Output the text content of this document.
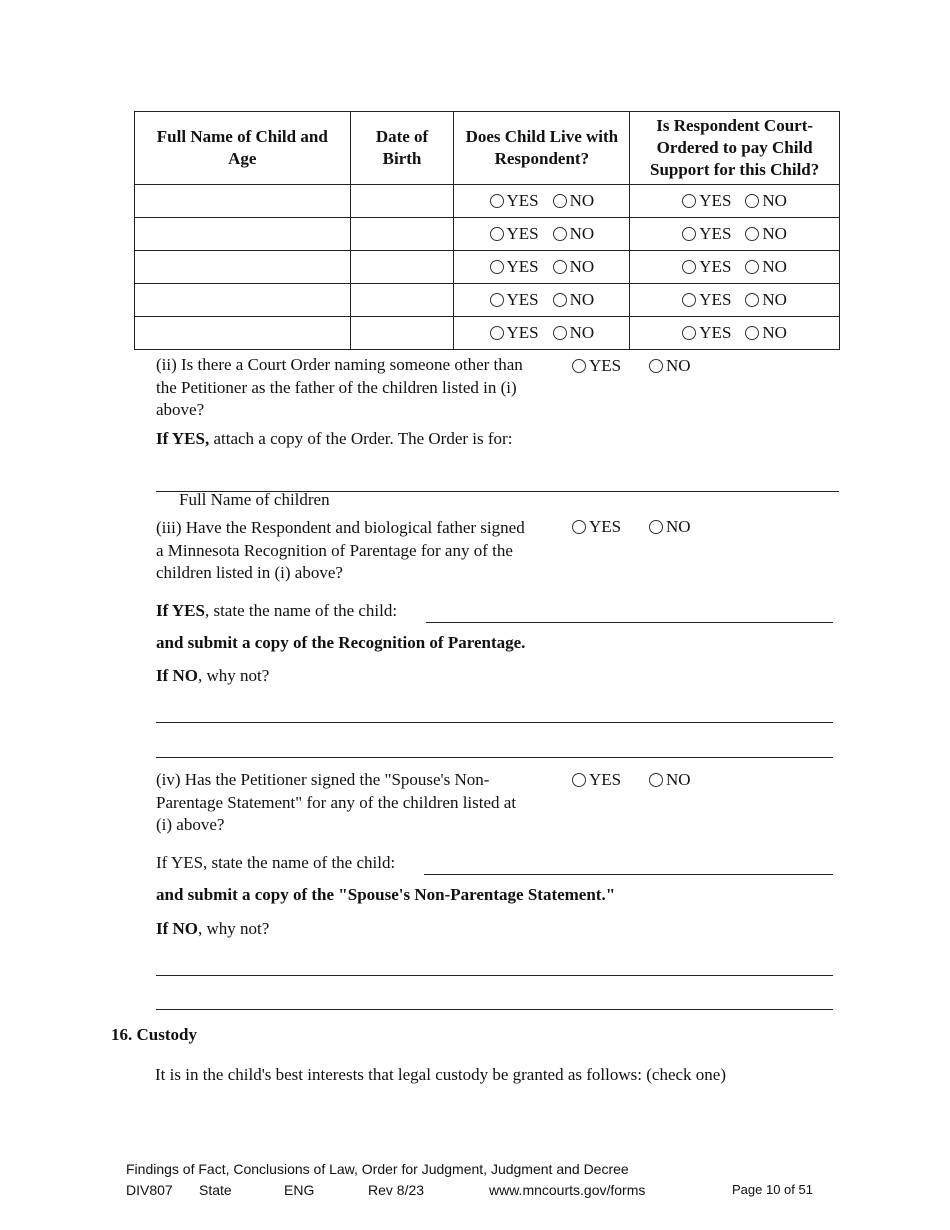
Full Name of Child and Age	Date of Birth	Does Child Live with Respondent?	Is Respondent Court-Ordered to pay Child Support for this Child?

		YES NO	YES NO

		YES NO	YES NO

		YES NO	YES NO

		YES NO	YES NO

		YES NO	YES NO
(ii) Is there a Court Order naming someone other than
the Petitioner as the father of the children listed in (i)
above?
YES	NO
If YES, attach a copy of the Order. The Order is for:
Full Name of children
(iii) Have the Respondent and biological father signed
a Minnesota Recognition of Parentage for any of the
children listed in (i) above?
YES	NO
If YES, state the name of the child:
and submit a copy of the Recognition of Parentage.
If NO, why not?
(iv) Has the Petitioner signed the "Spouse's Non-
Parentage Statement" for any of the children listed at
(i) above?
YES	NO
If YES, state the name of the child:
and submit a copy of the "Spouse's Non-Parentage Statement."
If NO, why not?
16. Custody
It is in the child's best interests that legal custody be granted as follows: (check one)
Findings of Fact, Conclusions of Law, Order for Judgment, Judgment and Decree
DIV807 State	ENG	Rev 8/23	www.mncourts.gov/forms	Page 10 of 51
